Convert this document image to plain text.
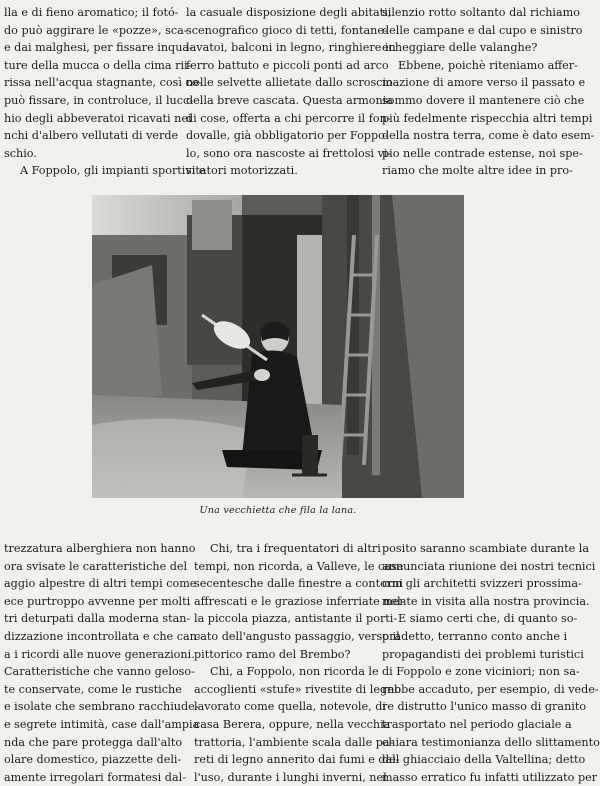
lla e di fieno aromatico; il fotó-
do può aggirare le «pozze», sca-
e dai malghesi, per fissare inqua-
ture della mucca o della cima rii-
rissa nell'acqua stagnante, così co-
può fissare, in controluce, il lucc-
hio degli abbeveratoi ricavati nei
nchi d'albero vellutati di verde
schio.
A Foppolo, gli impianti sportivi e
la casuale disposizione degli abitati,
scenografico gioco di tetti, fontane-
lavatoi, balconi in legno, ringhiere in
ferro battuto e piccoli ponti ad arco
nelle selvette allietate dallo scroscio
della breve cascata. Questa armonia
di cose, offerta a chi percorre il fon-
dovalle, già obbligatorio per Foppo-
lo, sono ora nascoste ai frettolosi vi-
sitatori motorizzati.
silenzio rotto soltanto dal richiamo
delle campane e dal cupo e sinistro
echeggiare delle valanghe?
Ebbene, poichè riteniamo affer-
mazione di amore verso il passato e
sommo dovere il mantenere ciò che
più fedelmente rispecchia altri tempi
della nostra terra, come è dato esem-
pio nelle contrade estense, noi spe-
riamo che molte altre idee in pro-
Una vecchietta che fila la lana.
trezzatura alberghiera non hanno
ora svisate le caratteristiche del
aggio alpestre di altri tempi come
ece purtroppo avvenne per molti
tri deturpati dalla moderna stan-
dizzazione incontrollata e che can-
a i ricordi alle nuove generazioni.
Caratteristiche che vanno geloso-
te conservate, come le rustiche
e isolate che sembrano racchiude-
e segrete intimità, case dall'ampia
nda che pare protegga dall'alto
olare domestico, piazzette deli-
amente irregolari formatesi dal-
Chi, tra i frequentatori di altri
tempi, non ricorda, a Valleve, le case
secentesche dalle finestre a contorni
affrescati e le graziose inferriate nel-
la piccola piazza, antistante il porti-
cato dell'angusto passaggio, verso il
pittorico ramo del Brembo?
Chi, a Foppolo, non ricorda le
accoglienti «stufe» rivestite di legno
lavorato come quella, notevole, di
casa Berera, oppure, nella vecchia
trattoria, l'ambiente scala dalle pa-
reti di legno annerito dai fumi e dal-
l'uso, durante i lunghi inverni, nel
posito saranno scambiate durante la
annunciata riunione dei nostri tecnici
con gli architetti svizzeri prossima-
mente in visita alla nostra provincia.
E siamo certi che, di quanto so-
pradetto, terranno conto anche i
propagandisti dei problemi turistici
di Foppolo e zone viciniori; non sa-
rebbe accaduto, per esempio, di vede-
re distrutto l'unico masso di granito
trasportato nel periodo glaciale a
chiara testimonianza dello slittamento
del ghiacciaio della Valtellina; detto
masso erratico fu infatti utilizzato per
